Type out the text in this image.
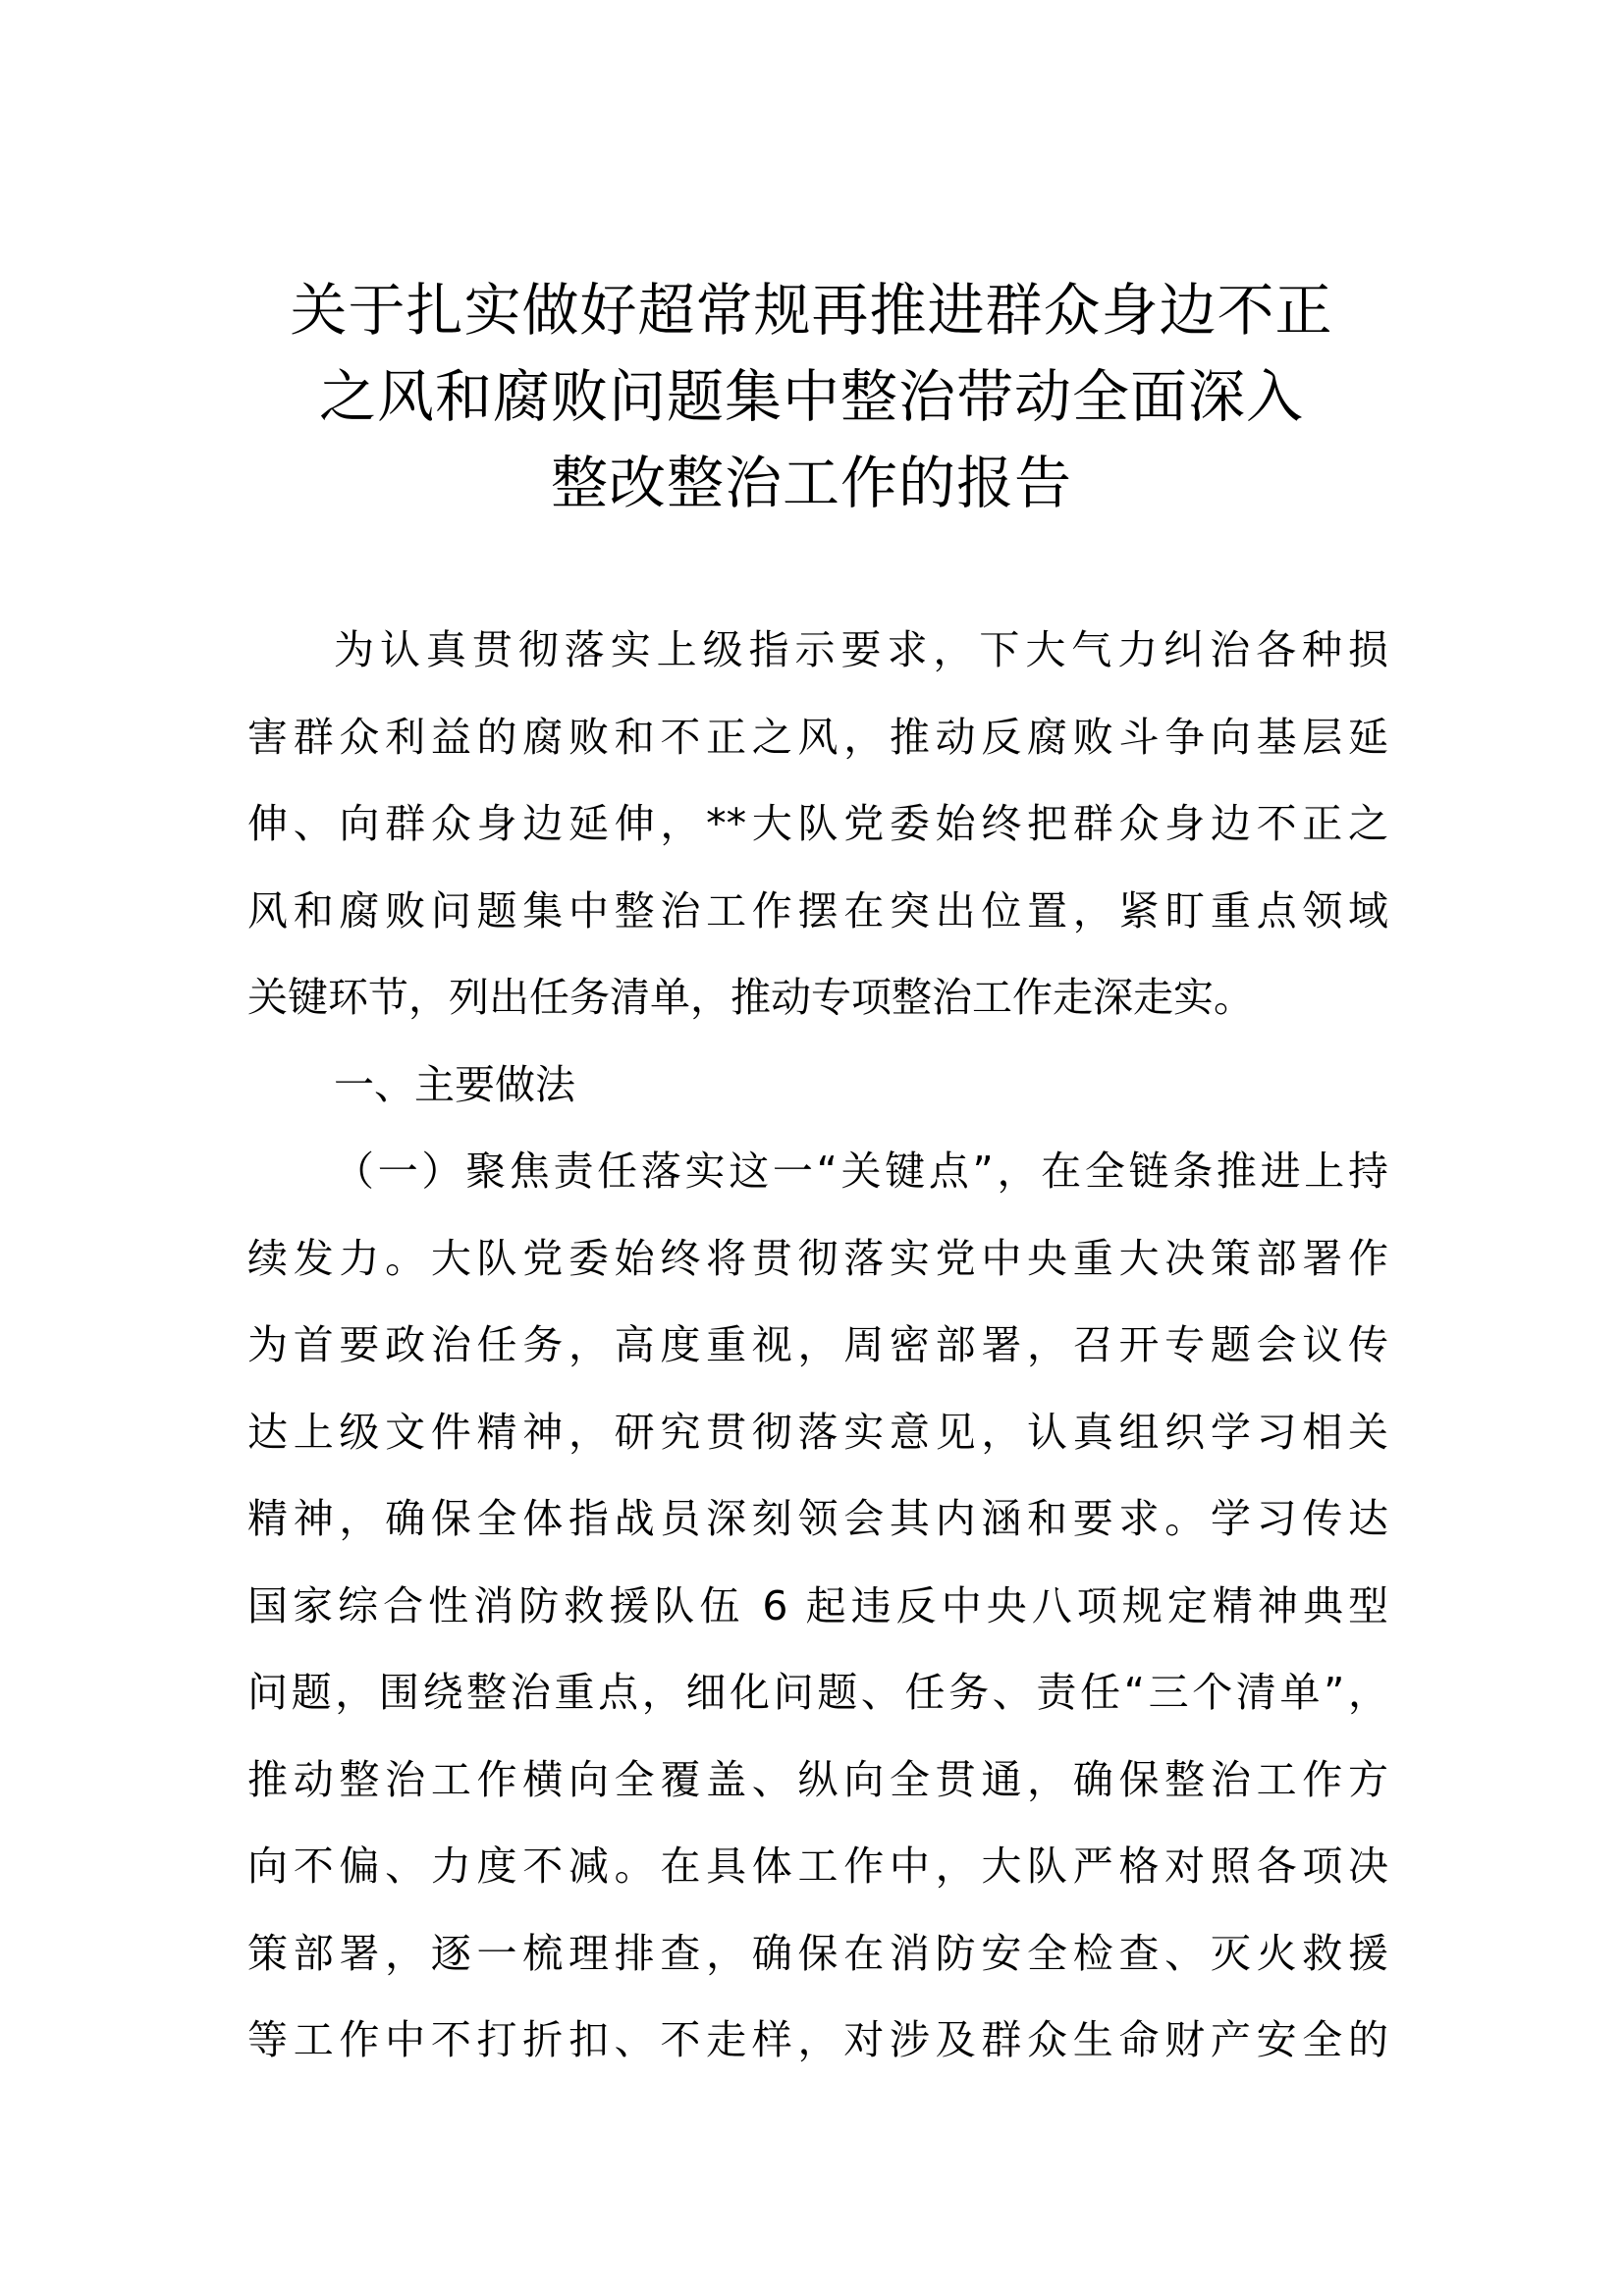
关于扎实做好超常规再推进群众身边不正
之风和腐败问题集中整治带动全面深入
整改整治工作的报告
为认真贯彻落实上级指示要求，下大气力纠治各种损
害群众利益的腐败和不正之风，推动反腐败斗争向基层延
伸、向群众身边延伸，**大队党委始终把群众身边不正之
风和腐败问题集中整治工作摆在突出位置，紧盯重点领域
关键环节，列出任务清单，推动专项整治工作走深走实。
一、主要做法
（一）聚焦责任落实这一“关键点”，在全链条推进上持
续发力。大队党委始终将贯彻落实党中央重大决策部署作
为首要政治任务，高度重视，周密部署，召开专题会议传
达上级文件精神，研究贯彻落实意见，认真组织学习相关
精神，确保全体指战员深刻领会其内涵和要求。学习传达
国家综合性消防救援队伍 6 起违反中央八项规定精神典型
问题，围绕整治重点，细化问题、任务、责任“三个清单”，
推动整治工作横向全覆盖、纵向全贯通，确保整治工作方
向不偏、力度不减。在具体工作中，大队严格对照各项决
策部署，逐一梳理排查，确保在消防安全检查、灭火救援
等工作中不打折扣、不走样，对涉及群众生命财产安全的
